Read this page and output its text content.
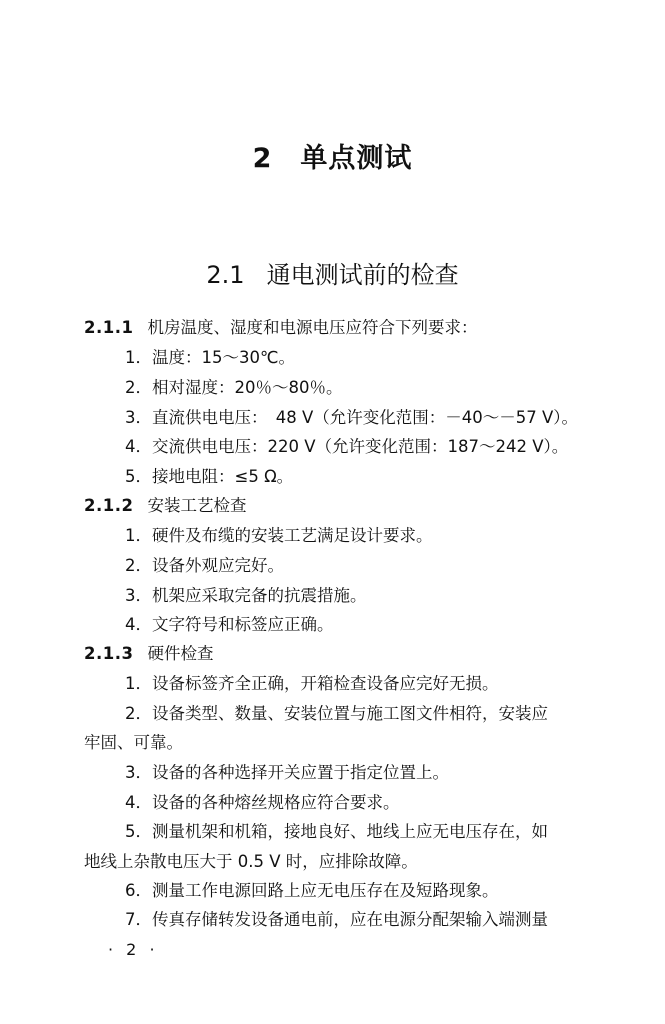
2 单点测试
2.1 通电测试前的检查
2.1.1 机房温度、湿度和电源电压应符合下列要求：
1．温度：15～30℃。
2．相对湿度：20％～80％。
3．直流供电电压：　48 V（允许变化范围：－40～－57 V）。
4．交流供电电压：220 V（允许变化范围：187～242 V）。
5．接地电阻：≤5 Ω。
2.1.2 安装工艺检查
1．硬件及布缆的安装工艺满足设计要求。
2．设备外观应完好。
3．机架应采取完备的抗震措施。
4．文字符号和标签应正确。
2.1.3 硬件检查
1．设备标签齐全正确，开箱检查设备应完好无损。
2．设备类型、数量、安装位置与施工图文件相符，安装应
牢固、可靠。
3．设备的各种选择开关应置于指定位置上。
4．设备的各种熔丝规格应符合要求。
5．测量机架和机箱，接地良好、地线上应无电压存在，如
地线上杂散电压大于 0.5 V 时，应排除故障。
6．测量工作电源回路上应无电压存在及短路现象。
7．传真存储转发设备通电前，应在电源分配架输入端测量
· 2 ·
